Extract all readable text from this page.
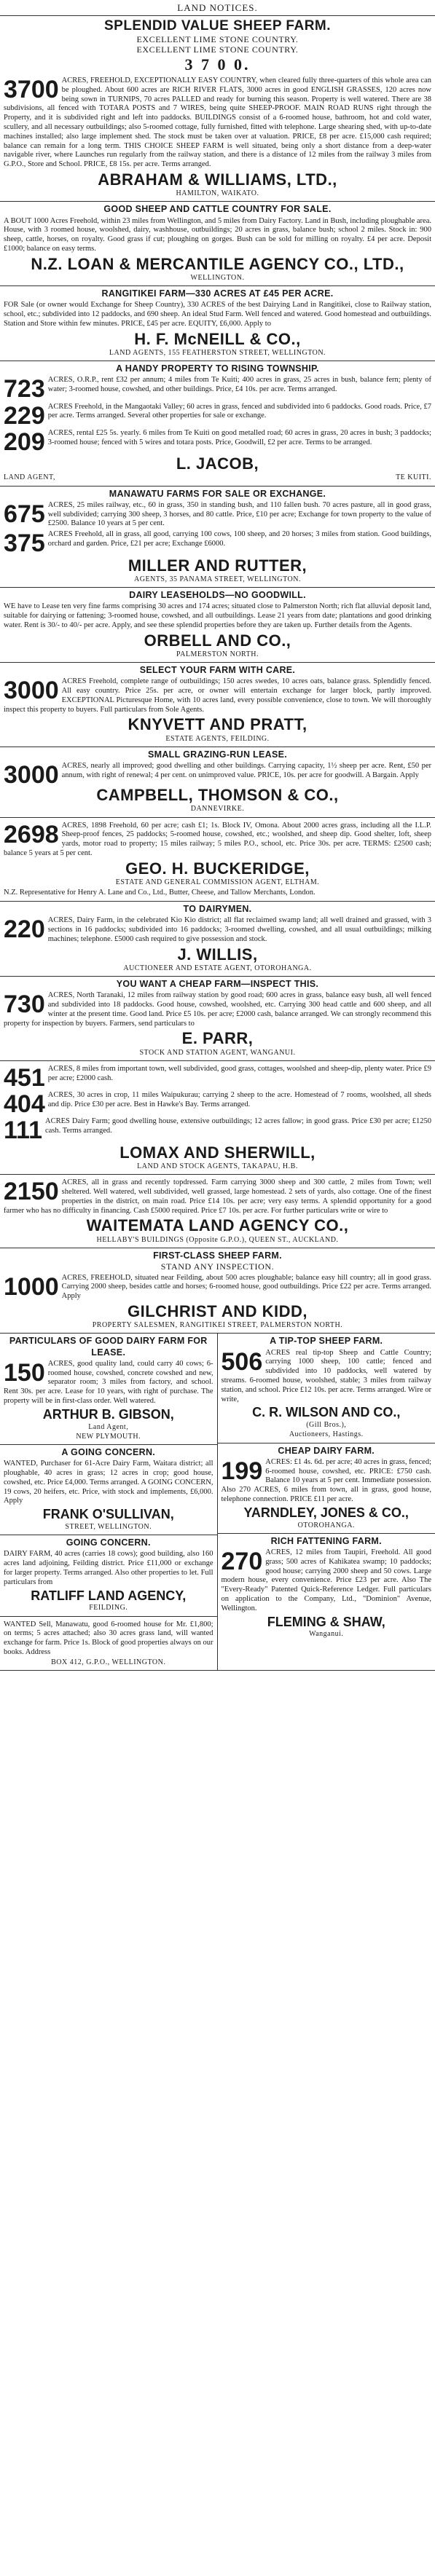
LAND NOTICES.
SPLENDID VALUE SHEEP FARM.
EXCELLENT LIME STONE COUNTRY.
EXCELLENT LIME STONE COUNTRY.
3 7 0 0.
3700 ACRES, FREEHOLD, EXCEPTIONALLY EASY COUNTRY, when cleared fully three-quarters of this whole area can be ploughed. About 600 acres are RICH RIVER FLATS, 3000 acres in good ENGLISH GRASSES, 120 acres now being sown in TURNIPS, 70 acres PALLED and ready for burning this season. Property is well watered. There are 38 subdivisions, all fenced with TOTARA POSTS and 7 WIRES, being quite SHEEP-PROOF. MAIN ROAD RUNS right through the Property, and it is subdivided right and left into paddocks. BUILDINGS consist of a 6-roomed house, bathroom, hot and cold water, scullery, and all necessary outbuildings; also 5-roomed cottage, fully furnished, fitted with telephone. Large shearing shed, with up-to-date machines installed; also large implement shed. The stock must be taken over at valuation. PRICE, £8 per acre. £15,000 cash required; balance can remain for a long term. THIS CHOICE SHEEP FARM is well situated, being only a short distance from a deep-water navigable river, where Launches run regularly from the railway station, and there is a distance of 12 miles from the railway 3 miles from G.P.O., Store and School. PRICE, £8 15s. per acre. Terms arranged.
ABRAHAM & WILLIAMS, LTD.,
HAMILTON, WAIKATO.
GOOD SHEEP AND CATTLE COUNTRY FOR SALE.
A BOUT 1000 Acres Freehold, within 23 miles from Wellington, and 5 miles from Dairy Factory. Land in Bush, including ploughable area. House, with 3 roomed house, woolshed, dairy, washhouse, outbuildings; 20 acres in grass, balance bush; school 2 miles. Stock in: 900 sheep, cattle, horses, on royalty. Good grass if cut; ploughing on gorges. Bush can be sold for milling on royalty. £4 per acre. Deposit £1000; balance on easy terms.
N.Z. LOAN & MERCANTILE AGENCY CO., LTD.,
WELLINGTON.
RANGITIKEI FARM—330 ACRES AT £45 PER ACRE.
FOR Sale (or owner would Exchange for Sheep Country), 330 ACRES of the best Dairying Land in Rangitikei, close to Railway station, school, etc.; subdivided into 12 paddocks, and 690 sheep. An ideal Stud Farm. Well fenced and watered. Good homestead and outbuildings. Station and Store within few minutes. PRICE, £45 per acre. EQUITY, £6,000. Apply to
H. F. McNEILL & CO.,
LAND AGENTS, 155 FEATHERSTON STREET, WELLINGTON.
A HANDY PROPERTY TO RISING TOWNSHIP.
723 ACRES, O.R.P., rent £32 per annum; 4 miles from Te Kuiti; 400 acres in grass, 25 acres in bush, balance fern; plenty of water; 3-roomed house, cowshed, and other buildings. Price, £4 10s. per acre. Terms arranged.
229 ACRES Freehold, in the Mangaotaki Valley; 60 acres in grass, fenced and subdivided into 6 paddocks. Good roads. Price, £7 per acre. Terms arranged. Several other properties for sale or exchange.
209 ACRES, rental £25 5s. yearly. 6 miles from Te Kuiti on good metalled road; 60 acres in grass, 20 acres in bush; 3 paddocks; 3-roomed house; fenced with 5 wires and totara posts. Price, Goodwill, £2 per acre. Terms to be arranged.
L. JACOB,
LAND AGENT,	TE KUITI.
MANAWATU FARMS FOR SALE OR EXCHANGE.
675 ACRES, 25 miles railway, etc., 60 in grass, 350 in standing bush, and 110 fallen bush. 70 acres pasture, all in good grass, well subdivided; carrying 300 sheep, 3 horses, and 80 cattle. Price, £10 per acre; Exchange for town property to the value of £2500. Balance 10 years at 5 per cent.
375 ACRES Freehold, all in grass, all good, carrying 100 cows, 100 sheep, and 20 horses; 3 miles from station. Good buildings, orchard and garden. Price, £21 per acre; Exchange £6000.
MILLER AND RUTTER,
AGENTS, 35 PANAMA STREET, WELLINGTON.
DAIRY LEASEHOLDS—NO GOODWILL.
WE have to Lease ten very fine farms comprising 30 acres and 174 acres; situated close to Palmerston North; rich flat alluvial deposit land, suitable for dairying or fattening; 3-roomed house, cowshed, and all outbuildings. Lease 21 years from date; plantations and good drinking water. Rent is 30/- to 40/- per acre. Apply, and see these splendid properties before they are taken up. Further details from the Agents.
ORBELL AND CO.,
PALMERSTON NORTH.
SELECT YOUR FARM WITH CARE.
3000 ACRES Freehold, complete range of outbuildings; 150 acres swedes, 10 acres oats, balance grass. Splendidly fenced. All easy country. Price 25s. per acre, or owner will entertain exchange for larger block, partly improved. EXCEPTIONAL Picturesque Home, with 10 acres land, every possible convenience, close to town. We will thoroughly inspect this property to buyers. Full particulars from Sole Agents.
KNYVETT AND PRATT,
ESTATE AGENTS, FEILDING.
SMALL GRAZING-RUN LEASE.
3000 ACRES, nearly all improved; good dwelling and other buildings. Carrying capacity, 1½ sheep per acre. Rent, £50 per annum, with right of renewal; 4 per cent. on unimproved value. PRICE, 10s. per acre for goodwill. A Bargain. Apply
CAMPBELL, THOMSON & CO.,
DANNEVIRKE.
2698 ACRES, 1898 Freehold, 60 per acre; cash £1; 1s. Block IV, Omona. About 2000 acres grass, including all the I.L.P. Sheep-proof fences, 25 paddocks; 5-roomed house, cowshed, etc.; woolshed, and sheep dip. Good shelter, loft, sheep yards, motor road to property; 15 miles railway; 5 miles P.O., school, etc. Price 30s. per acre. TERMS: £2500 cash; balance 5 years at 5 per cent.
GEO. H. BUCKERIDGE,
ESTATE AND GENERAL COMMISSION AGENT, ELTHAM.
N.Z. Representative for Henry A. Lane and Co., Ltd., Butter, Cheese, and Tallow Merchants, London.
TO DAIRYMEN.
220 ACRES, Dairy Farm, in the celebrated Kio Kio district; all flat reclaimed swamp land; all well drained and grassed, with 3 sections in 16 paddocks; subdivided into 16 paddocks; 3-roomed dwelling, cowshed, and all usual outbuildings; milking machines; telephone. £5000 cash required to give possession and stock.
J. WILLIS,
AUCTIONEER AND ESTATE AGENT, OTOROHANGA.
YOU WANT A CHEAP FARM—INSPECT THIS.
730 ACRES, North Taranaki, 12 miles from railway station by good road; 600 acres in grass, balance easy bush, all well fenced and subdivided into 18 paddocks. Good house, cowshed, woolshed, etc. Carrying 300 head cattle and 600 sheep, and all winter at the present time. Good land. Price £5 10s. per acre; £2000 cash, balance arranged. We can strongly recommend this property for inspection by buyers. Farmers, send particulars to
E. PARR,
STOCK AND STATION AGENT, WANGANUI.
451 ACRES, 8 miles from important town, well subdivided, good grass, cottages, woolshed and sheep-dip, plenty water. Price £9 per acre; £2000 cash.
404 ACRES, 30 acres in crop, 11 miles Waipukurau; carrying 2 sheep to the acre. Homestead of 7 rooms, woolshed, all sheds and dip. Price £30 per acre. Best in Hawke's Bay. Terms arranged.
111 ACRES Dairy Farm; good dwelling house, extensive outbuildings; 12 acres fallow; in good grass. Price £30 per acre; £1250 cash. Terms arranged.
LOMAX AND SHERWILL,
LAND AND STOCK AGENTS, TAKAPAU, H.B.
2150 ACRES, all in grass and recently topdressed. Farm carrying 3000 sheep and 300 cattle, 2 miles from Town; well sheltered. Well watered, well subdivided, well grassed, large homestead. 2 sets of yards, also cottage. One of the finest properties in the district, on main road. Price £14 10s. per acre; very easy terms. A splendid opportunity for a good farmer who has no difficulty in financing. Cash £5000 required. Price £7 10s. per acre. For further particulars write or wire to
WAITEMATA LAND AGENCY CO.,
HELLABY'S BUILDINGS (Opposite G.P.O.), QUEEN ST., AUCKLAND.
FIRST-CLASS SHEEP FARM.
STAND ANY INSPECTION.
1000 ACRES, FREEHOLD, situated near Feilding, about 500 acres ploughable; balance easy hill country; all in good grass. Carrying 2000 sheep, besides cattle and horses; 6-roomed house, good outbuildings. Price £22 per acre. Terms arranged. Apply
GILCHRIST AND KIDD,
PROPERTY SALESMEN, RANGITIKEI STREET, PALMERSTON NORTH.
PARTICULARS OF GOOD DAIRY FARM FOR LEASE.
150 ACRES, good quality land, could carry 40 cows; 6-roomed house, cowshed, concrete cowshed and new, separator room; 3 miles from factory, and school. Rent 30s. per acre. Lease for 10 years, with right of purchase. The property will be in first-class order. Well watered.
ARTHUR B. GIBSON,
Land Agent,
NEW PLYMOUTH.
A GOING CONCERN.
WANTED, Purchaser for 61-Acre Dairy Farm, Waitara district; all ploughable, 40 acres in grass; 12 acres in crop; good house, cowshed, etc. Price £4,000. Terms arranged. A GOING CONCERN, 19 cows, 20 heifers, etc. Price, with stock and implements, £6,000. Apply
FRANK O'SULLIVAN,
STREET, WELLINGTON.
GOING CONCERN.
DAIRY FARM, 40 acres (carries 18 cows); good building, also 160 acres land adjoining, Feilding district. Price £11,000 or exchange for larger property. Terms arranged. Also other properties to let. Full particulars from
RATLIFF LAND AGENCY,
FEILDING.
WANTED Sell, Manawatu, good 6-roomed house for Mr. £1,800; on terms; 5 acres attached; also 30 acres grass land, will wanted exchange for farm. Price 1s. Block of good properties always on our books. Address
BOX 412, G.P.O., WELLINGTON.
A TIP-TOP SHEEP FARM.
506 ACRES real tip-top Sheep and Cattle Country; carrying 1000 sheep, 100 cattle; fenced and subdivided into 10 paddocks, well watered by streams. 6-roomed house, woolshed, stable; 3 miles from railway station, and school. Price £12 10s. per acre. Terms arranged. Wire or write,
C. R. WILSON AND CO.,
(Gill Bros.),
Auctioneers, Hastings.
CHEAP DAIRY FARM.
199 ACRES: £1 4s. 6d. per acre; 40 acres in grass, fenced; 6-roomed house, cowshed, etc. PRICE: £750 cash. Balance 10 years at 5 per cent. Immediate possession. Also 270 ACRES, 6 miles from town, all in grass, good house, telephone connection. PRICE £11 per acre.
YARNDLEY, JONES & CO.,
OTOROHANGA.
RICH FATTENING FARM.
270 ACRES, 12 miles from Taupiri, Freehold. All good grass; 500 acres of Kahikatea swamp; 10 paddocks; good house; carrying 2000 sheep and 50 cows. Large modern house, every convenience. Price £23 per acre. Also The "Every-Ready" Patented Quick-Reference Ledger. Full particulars on application to the Company, Ltd., "Dominion" Avenue, Wellington.
FLEMING & SHAW,
Wanganui.
